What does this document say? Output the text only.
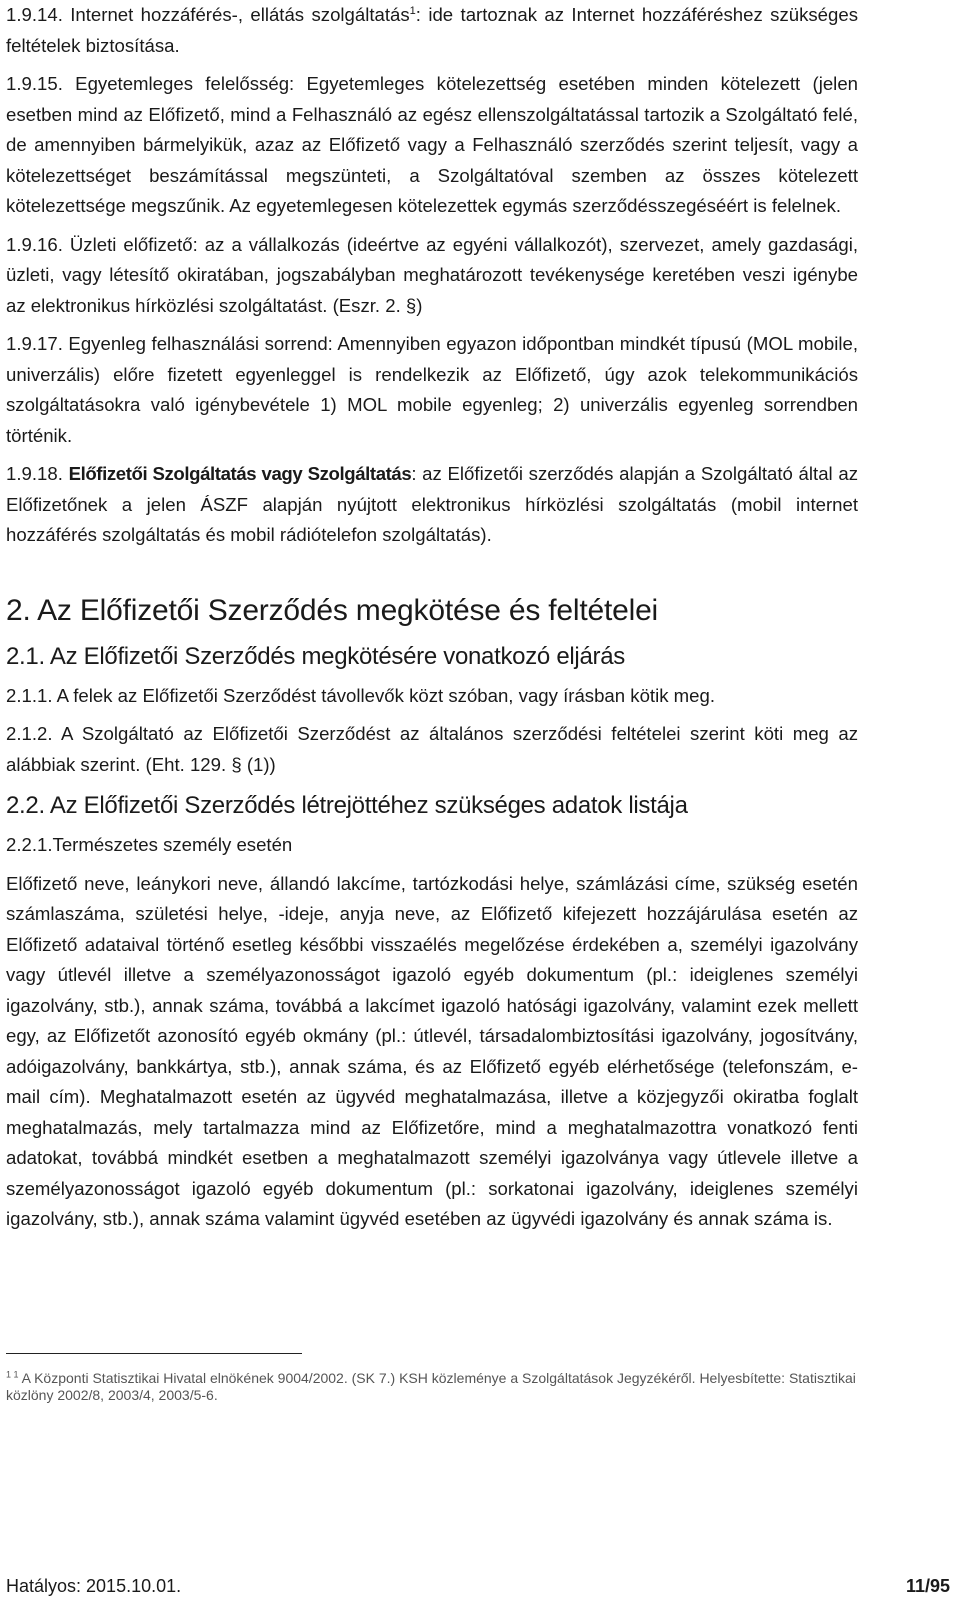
1.9.14. Internet hozzáférés-, ellátás szolgáltatás$^1$: ide tartoznak az Internet hozzáféréshez szükséges feltételek biztosítása.

1.9.15. Egyetemleges felelősség: Egyetemleges kötelezettség esetében minden kötelezett (jelen esetben mind az Előfizető, mind a Felhasználó az egész ellenszolgáltatással tartozik a Szolgáltató felé, de amennyiben bármelyikük, azaz az Előfizető vagy a Felhasználó szerződés szerint teljesít, vagy a kötelezettséget beszámítással megszünteti, a Szolgáltatóval szemben az összes kötelezett kötelezettsége megszűnik. Az egyetemlegesen kötelezettek egymás szerződésszegéséért is felelnek.

1.9.16. Üzleti előfizető: az a vállalkozás (ideértve az egyéni vállalkozót), szervezet, amely gazdasági, üzleti, vagy létesítő okiratában, jogszabályban meghatározott tevékenysége keretében veszi igénybe az elektronikus hírközlési szolgáltatást. (Eszr. 2. §)

1.9.17. Egyenleg felhasználási sorrend: Amennyiben egyazon időpontban mindkét típusú (MOL mobile, univerzális) előre fizetett egyenleggel is rendelkezik az Előfizető, úgy azok telekommunikációs szolgáltatásokra való igénybevétele 1) MOL mobile egyenleg; 2) univerzális egyenleg sorrendben történik.

1.9.18. Előfizetői Szolgáltatás vagy Szolgáltatás: az Előfizetői szerződés alapján a Szolgáltató által az Előfizetőnek a jelen ÁSZF alapján nyújtott elektronikus hírközlési szolgáltatás (mobil internet hozzáférés szolgáltatás és mobil rádiótelefon szolgáltatás).

2. Az Előfizetői Szerződés megkötése és feltételei
2.1. Az Előfizetői Szerződés megkötésére vonatkozó eljárás

2.1.1. A felek az Előfizetői Szerződést távollevők közt szóban, vagy írásban kötik meg.

2.1.2. A Szolgáltató az Előfizetői Szerződést az általános szerződési feltételei szerint köti meg az alábbiak szerint. (Eht. 129. § (1))

2.2. Az Előfizetői Szerződés létrejöttéhez szükséges adatok listája

2.2.1.Természetes személy esetén

Előfizető neve, leánykori neve, állandó lakcíme, tartózkodási helye, számlázási címe, szükség esetén számlaszáma, születési helye, -ideje, anyja neve, az Előfizető kifejezett hozzájárulása esetén az Előfizető adataival történő esetleg későbbi visszaélés megelőzése érdekében a, személyi igazolvány vagy útlevél illetve a személyazonosságot igazoló egyéb dokumentum (pl.: ideiglenes személyi igazolvány, stb.), annak száma, továbbá a lakcímet igazoló hatósági igazolvány, valamint ezek mellett egy, az Előfizetőt azonosító egyéb okmány (pl.: útlevél, társadalombiztosítási igazolvány, jogosítvány, adóigazolvány, bankkártya, stb.), annak száma, és az Előfizető egyéb elérhetősége (telefonszám, e-mail cím). Meghatalmazott esetén az ügyvéd meghatalmazása, illetve a közjegyzői okiratba foglalt meghatalmazás, mely tartalmazza mind az Előfizetőre, mind a meghatalmazottra vonatkozó fenti adatokat, továbbá mindkét esetben a meghatalmazott személyi igazolványa vagy útlevele illetve a személyazonosságot igazoló egyéb dokumentum (pl.: sorkatonai igazolvány, ideiglenes személyi igazolvány, stb.), annak száma valamint ügyvéd esetében az ügyvédi igazolvány és annak száma is.

$^{1 1}$ A Központi Statisztikai Hivatal elnökének 9004/2002. (SK 7.) KSH közleménye a Szolgáltatások Jegyzékéről. Helyesbítette: Statisztikai közlöny 2002/8, 2003/4, 2003/5-6.
Hatályos: 2015.10.01.	11/95
